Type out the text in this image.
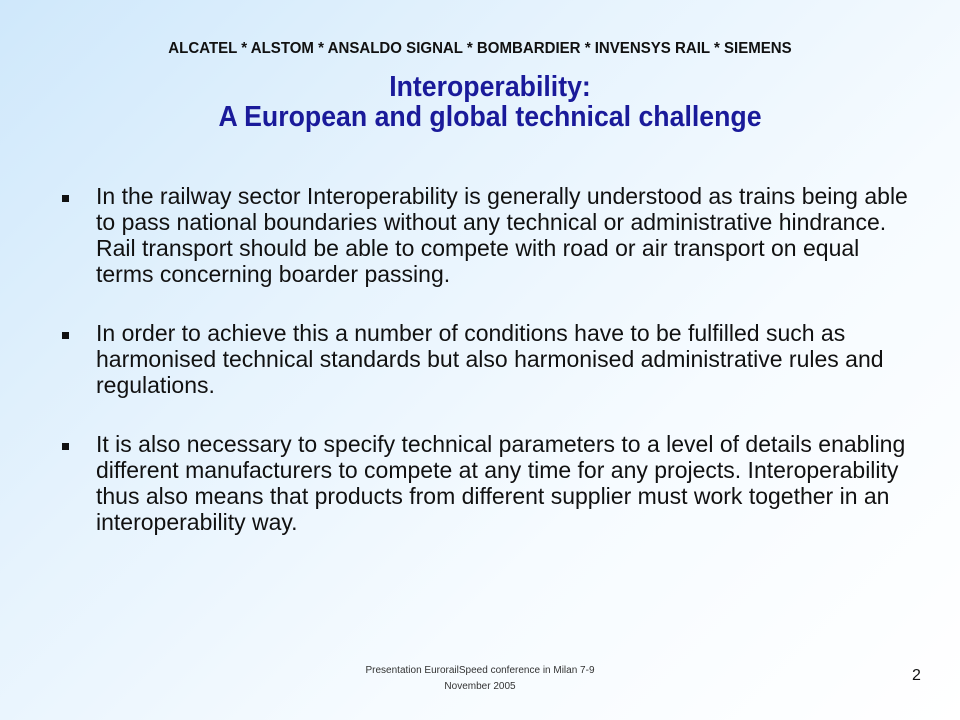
ALCATEL * ALSTOM * ANSALDO SIGNAL * BOMBARDIER * INVENSYS RAIL * SIEMENS
Interoperability:
A European and global technical challenge
In the railway sector Interoperability is generally understood as trains being able to pass national boundaries without any technical or administrative hindrance. Rail transport should be able to compete with road or air transport on equal terms concerning boarder passing.
In order to achieve this a number of conditions have to be fulfilled such as harmonised technical standards but also harmonised administrative rules and regulations.
It is also necessary to specify technical parameters to a level of details enabling different manufacturers to compete at any time for any projects. Interoperability thus also means that products from different supplier must work together in an interoperability way.
Presentation EurorailSpeed conference in Milan 7-9
November 2005
2
